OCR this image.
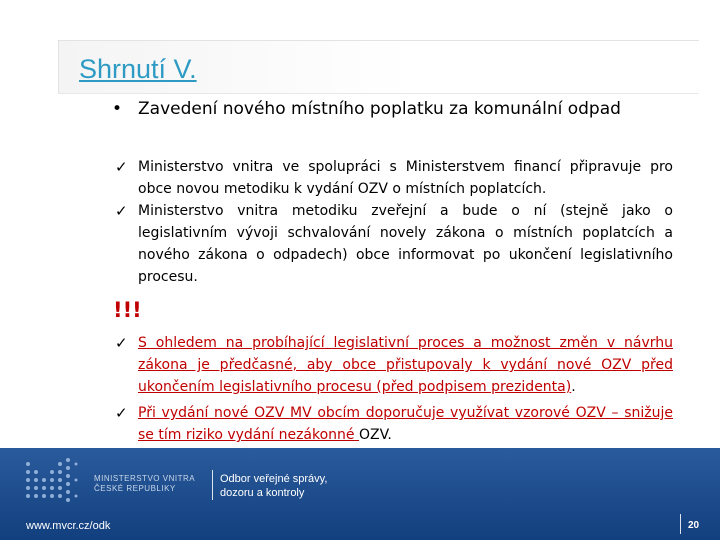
Shrnutí V.
• Zavedení nového místního poplatku za komunální odpad
✓ Ministerstvo vnitra ve spolupráci s Ministerstvem financí připravuje pro obce novou metodiku k vydání OZV o místních poplatcích.
✓ Ministerstvo vnitra metodiku zveřejní a bude o ní (stejně jako o legislativním vývoji schvalování novely zákona o místních poplatcích a nového zákona o odpadech) obce informovat po ukončení legislativního procesu.

!!!

✓ S ohledem na probíhající legislativní proces a možnost změn v návrhu zákona je předčasné, aby obce přistupovaly k vydání nové OZV před ukončením legislativního procesu (před podpisem prezidenta).
✓ Při vydání nové OZV MV obcím doporučuje využívat vzorové OZV – snižuje se tím riziko vydání nezákonné OZV.
MINISTERSTVO VNITRA
ČESKÉ REPUBLIKY
Odbor veřejné správy,
dozoru a kontroly
www.mvcr.cz/odk	20
